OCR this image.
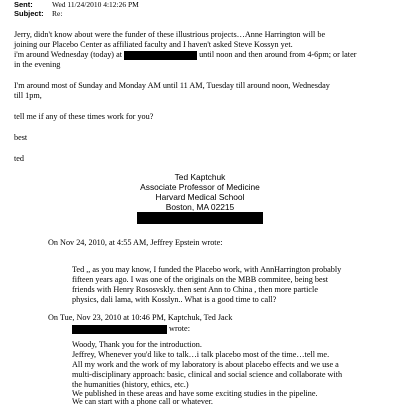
Sent:	Wed 11/24/2010 4:12:26 PM
Subject: Re:
Jerry, didn't know about were the funder of these illustrious projects…Anne Harrington will be
joining our Placebo Center as affiliated faculty and I haven't asked Steve Kossyn yet.
i'm around Wednesday (today) at	until noon and then around from 4-6pm; or later
in the evening
I'm around most of Sunday and Monday AM until 11 AM, Tuesday till around noon, Wednesday
till 1pm,
tell me if any of these times work for you?
best
ted
Ted Kaptchuk
Associate Professor of Medicine
Harvard Medical School
Boston, MA 02215
On Nov 24, 2010, at 4:55 AM, Jeffrey Epstein wrote:
Ted ,, as you may know, I funded the Placebo work, with AnnHarrington probably
fifteen years ago. I was one of the originals on the MBB commitee, being best
friends with Henry Rososvskly. then sent Ann to China , then more particle
physics, dali lama, with Kosslyn.. What is a good time to call?
On Tue, Nov 23, 2010 at 10:46 PM, Kaptchuk, Ted Jack
wrote:
Woody, Thank you for the introduction.
Jeffrey, Whenever you'd like to talk…i talk placebo most of the time…tell me.
All my work and the work of my laboratory is about placebo effects and we use a
multi-disciplinary approach: basic, clinical and social science and collaborate with
the humanities (history, ethics, etc.)
We published in these areas and have some exciting studies in the pipeline.
We can start with a phone call or whatever.
